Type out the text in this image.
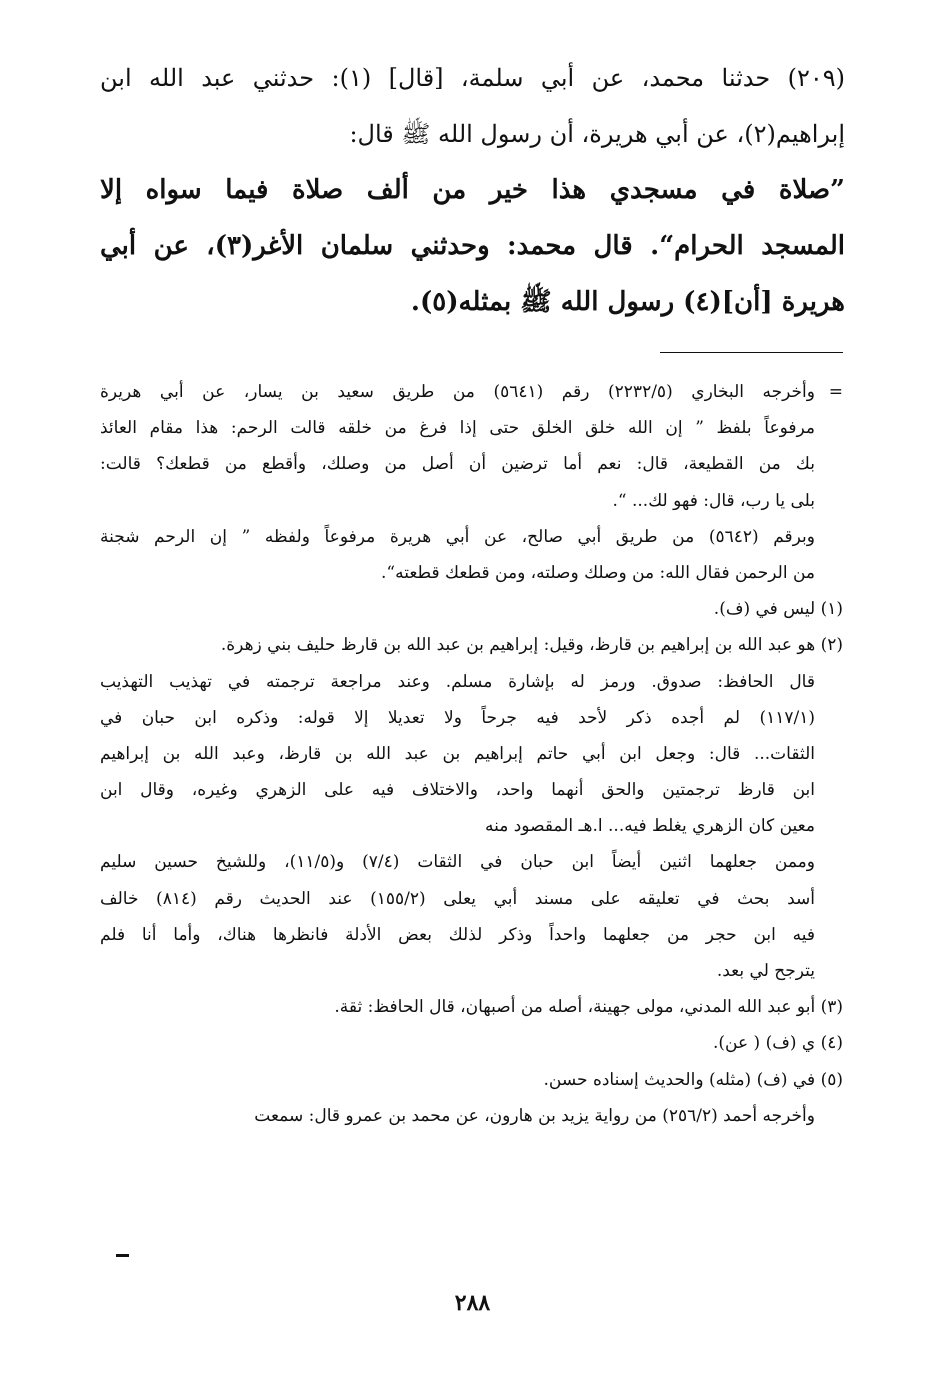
(٢٠٩) حدثنا محمد، عن أبي سلمة، [قال] (١): حدثني عبد الله ابن
إبراهيم(٢)، عن أبي هريرة، أن رسول الله ﷺ قال:
”صلاة في مسجدي هذا خير من ألف صلاة فيما سواه إلا
المسجد الحرام“. قال محمد: وحدثني سلمان الأغر(٣)، عن أبي
هريرة [أن](٤) رسول الله ﷺ بمثله(٥).
=
وأخرجه البخاري (٢٢٣٢/٥) رقم (٥٦٤١) من طريق سعيد بن يسار، عن أبي هريرة
مرفوعاً بلفظ ” إن الله خلق الخلق حتى إذا فرغ من خلقه قالت الرحم: هذا مقام العائذ
بك من القطيعة، قال: نعم أما ترضين أن أصل من وصلك، وأقطع من قطعك؟ قالت:
بلى يا رب، قال: فهو لك... “.
وبرقم (٥٦٤٢) من طريق أبي صالح، عن أبي هريرة مرفوعاً ولفظه ” إن الرحم شجنة
من الرحمن فقال الله: من وصلك وصلته، ومن قطعك قطعته“.
(١) ليس في (ف).
(٢) هو عبد الله بن إبراهيم بن قارظ، وقيل: إبراهيم بن عبد الله بن قارظ حليف بني زهرة.
قال الحافظ: صدوق. ورمز له بإشارة مسلم. وعند مراجعة ترجمته في تهذيب التهذيب
(١١٧/١) لم أجده ذكر لأحد فيه جرحاً ولا تعديلا إلا قوله: وذكره ابن حبان في
الثقات... قال: وجعل ابن أبي حاتم إبراهيم بن عبد الله بن قارظ، وعبد الله بن إبراهيم
ابن قارظ ترجمتين والحق أنهما واحد، والاختلاف فيه على الزهري وغيره، وقال ابن
معين كان الزهري يغلط فيه... ا.هـ المقصود منه
وممن جعلهما اثنين أيضاً ابن حبان في الثقات (٧/٤) و(١١/٥)، وللشيخ حسين سليم
أسد بحث في تعليقه على مسند أبي يعلى (١٥٥/٢) عند الحديث رقم (٨١٤) خالف
فيه ابن حجر من جعلهما واحداً وذكر لذلك بعض الأدلة فانظرها هناك، وأما أنا فلم
يترجح لي بعد.
(٣) أبو عبد الله المدني، مولى جهينة، أصله من أصبهان، قال الحافظ: ثقة.
(٤) ي (ف) ( عن).
(٥) في (ف) (مثله) والحديث إسناده حسن.
وأخرجه أحمد (٢٥٦/٢) من رواية يزيد بن هارون، عن محمد بن عمرو قال: سمعت
٢٨٨
